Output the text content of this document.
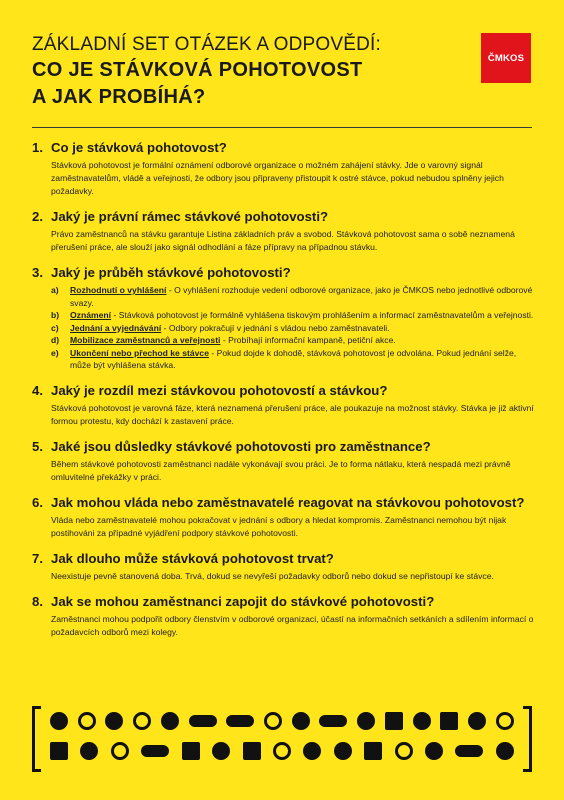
ZÁKLADNÍ SET OTÁZEK A ODPOVĚDÍ:
CO JE STÁVKOVÁ POHOTOVOST
A JAK PROBÍHÁ?
ČMKOS
1. Co je stávková pohotovost?
Stávková pohotovost je formální oznámení odborové organizace o možném zahájení stávky. Jde o varovný signál zaměstnavatelům, vládě a veřejnosti, že odbory jsou připraveny přistoupit k ostré stávce, pokud nebudou splněny jejich požadavky.
2. Jaký je právní rámec stávkové pohotovosti?
Právo zaměstnanců na stávku garantuje Listina základních práv a svobod. Stávková pohotovost sama o sobě neznamená přerušení práce, ale slouží jako signál odhodlání a fáze přípravy na případnou stávku.
3. Jaký je průběh stávkové pohotovosti?
a)	Rozhodnutí o vyhlášení - O vyhlášení rozhoduje vedení odborové organizace, jako je ČMKOS nebo jednotlivé odborové svazy.
b)	Oznámení - Stávková pohotovost je formálně vyhlášena tiskovým prohlášením a informací zaměstnavatelům a veřejnosti.
c)	Jednání a vyjednávání - Odbory pokračují v jednání s vládou nebo zaměstnavateli.
d)	Mobilizace zaměstnanců a veřejnosti - Probíhají informační kampaně, petiční akce.
e)	Ukončení nebo přechod ke stávce - Pokud dojde k dohodě, stávková pohotovost je odvolána. Pokud jednání selže, může být vyhlášena stávka.
4. Jaký je rozdíl mezi stávkovou pohotovostí a stávkou?
Stávková pohotovost je varovná fáze, která neznamená přerušení práce, ale poukazuje na možnost stávky. Stávka je již aktivní formou protestu, kdy dochází k zastavení práce.
5. Jaké jsou důsledky stávkové pohotovosti pro zaměstnance?
Během stávkové pohotovosti zaměstnanci nadále vykonávají svou práci. Je to forma nátlaku, která nespadá mezi právně omluvitelné překážky v práci.
6. Jak mohou vláda nebo zaměstnavatelé reagovat na stávkovou pohotovost?
Vláda nebo zaměstnavatelé mohou pokračovat v jednání s odbory a hledat kompromis. Zaměstnanci nemohou být nijak postihováni za případné vyjádření podpory stávkové pohotovosti.
7. Jak dlouho může stávková pohotovost trvat?
Neexistuje pevně stanovená doba. Trvá, dokud se nevyřeší požadavky odborů nebo dokud se nepřistoupí ke stávce.
8. Jak se mohou zaměstnanci zapojit do stávkové pohotovosti?
Zaměstnanci mohou podpořit odbory členstvím v odborové organizaci, účastí na informačních setkáních a sdílením informací o požadavcích odborů mezi kolegy.
